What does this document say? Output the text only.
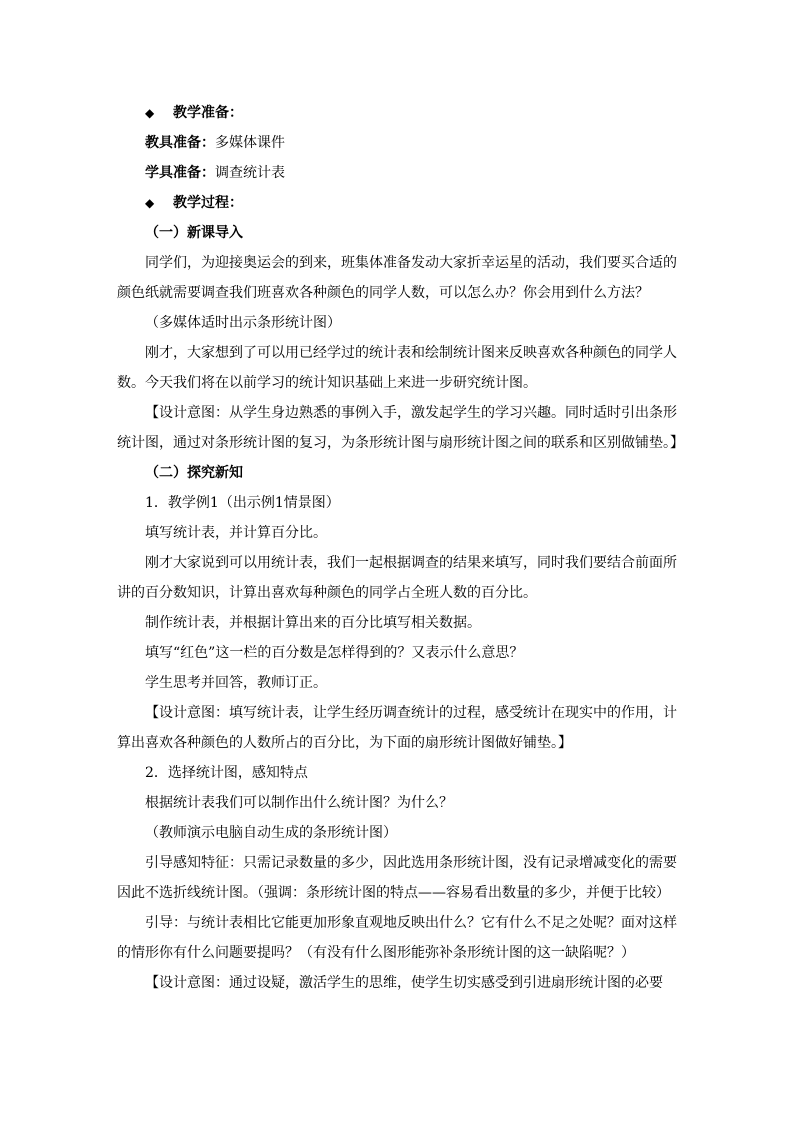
◆ 教学准备：
教具准备：多媒体课件
学具准备：调查统计表
◆ 教学过程：
（一）新课导入
同学们，为迎接奥运会的到来，班集体准备发动大家折幸运星的活动，我们要买合适的颜色纸就需要调查我们班喜欢各种颜色的同学人数，可以怎么办？你会用到什么方法？
（多媒体适时出示条形统计图）
刚才，大家想到了可以用已经学过的统计表和绘制统计图来反映喜欢各种颜色的同学人数。今天我们将在以前学习的统计知识基础上来进一步研究统计图。
【设计意图：从学生身边熟悉的事例入手，激发起学生的学习兴趣。同时适时引出条形统计图，通过对条形统计图的复习，为条形统计图与扇形统计图之间的联系和区别做铺垫。】
（二）探究新知
1．教学例1（出示例1情景图）
填写统计表，并计算百分比。
刚才大家说到可以用统计表，我们一起根据调查的结果来填写，同时我们要结合前面所讲的百分数知识，计算出喜欢每种颜色的同学占全班人数的百分比。
制作统计表，并根据计算出来的百分比填写相关数据。
填写“红色”这一栏的百分数是怎样得到的？又表示什么意思？
学生思考并回答，教师订正。
【设计意图：填写统计表，让学生经历调查统计的过程，感受统计在现实中的作用，计算出喜欢各种颜色的人数所占的百分比，为下面的扇形统计图做好铺垫。】
2．选择统计图，感知特点
根据统计表我们可以制作出什么统计图？为什么？
（教师演示电脑自动生成的条形统计图）
引导感知特征：只需记录数量的多少，因此选用条形统计图，没有记录增减变化的需要因此不选折线统计图。（强调：条形统计图的特点——容易看出数量的多少，并便于比较）
引导：与统计表相比它能更加形象直观地反映出什么？它有什么不足之处呢？面对这样的情形你有什么问题要提吗？（有没有什么图形能弥补条形统计图的这一缺陷呢？）
【设计意图：通过设疑，激活学生的思维，使学生切实感受到引进扇形统计图的必要
